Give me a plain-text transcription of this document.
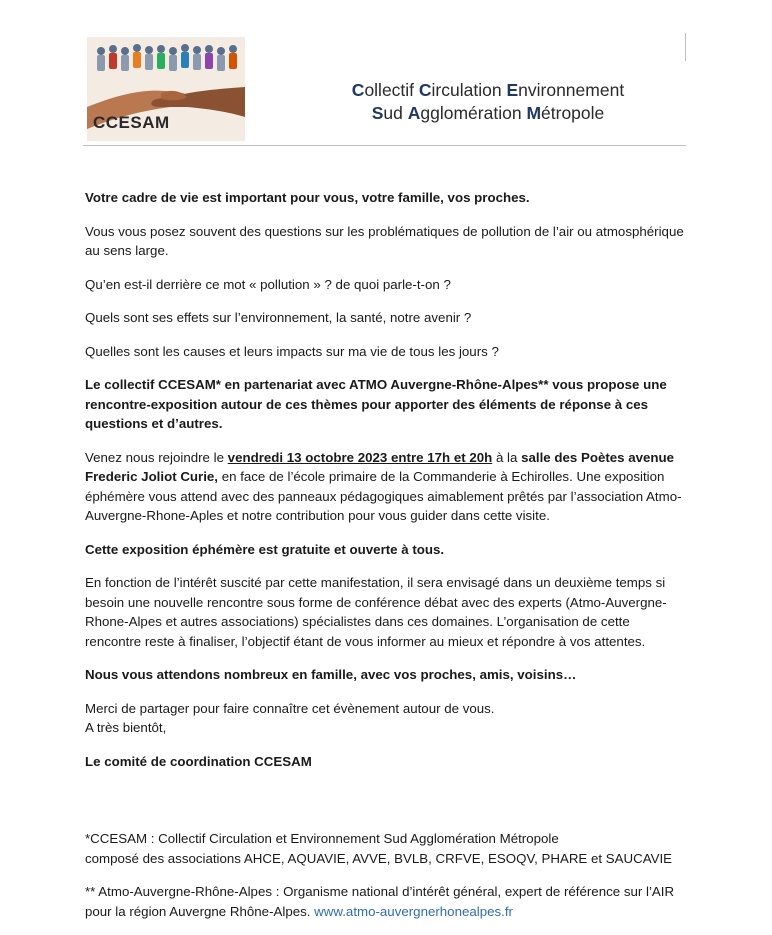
CCESAM
Collectif Circulation Environnement
Sud Agglomération Métropole

Votre cadre de vie est important pour vous, votre famille, vos proches.

Vous vous posez souvent des questions sur les problématiques de pollution de l’air ou atmosphérique au sens large.

Qu’en est-il derrière ce mot « pollution » ? de quoi parle-t-on ?

Quels sont ses effets sur l’environnement, la santé, notre avenir ?

Quelles sont les causes et leurs impacts sur ma vie de tous les jours ?

Le collectif CCESAM* en partenariat avec ATMO Auvergne-Rhône-Alpes** vous propose une rencontre-exposition autour de ces thèmes pour apporter des éléments de réponse à ces questions et d’autres.

Venez nous rejoindre le vendredi 13 octobre 2023 entre 17h et 20h à la salle des Poètes avenue Frederic Joliot Curie, en face de l’école primaire de la Commanderie à Echirolles. Une exposition éphémère vous attend avec des panneaux pédagogiques aimablement prêtés par l’association Atmo-Auvergne-Rhone-Aples et notre contribution pour vous guider dans cette visite.

Cette exposition éphémère est gratuite et ouverte à tous.

En fonction de l’intérêt suscité par cette manifestation, il sera envisagé dans un deuxième temps si besoin une nouvelle rencontre sous forme de conférence débat avec des experts (Atmo-Auvergne-Rhone-Alpes et autres associations) spécialistes dans ces domaines. L’organisation de cette rencontre reste à finaliser, l’objectif étant de vous informer au mieux et répondre à vos attentes.

Nous vous attendons nombreux en famille, avec vos proches, amis, voisins…

Merci de partager pour faire connaître cet évènement autour de vous.
A très bientôt,

Le comité de coordination CCESAM

*CCESAM : Collectif Circulation et Environnement Sud Agglomération Métropole
composé des associations AHCE, AQUAVIE, AVVE, BVLB, CRFVE, ESOQV, PHARE et SAUCAVIE

** Atmo-Auvergne-Rhône-Alpes : Organisme national d’intérêt général, expert de référence sur l’AIR pour la région Auvergne Rhône-Alpes. www.atmo-auvergnerhonealpes.fr
